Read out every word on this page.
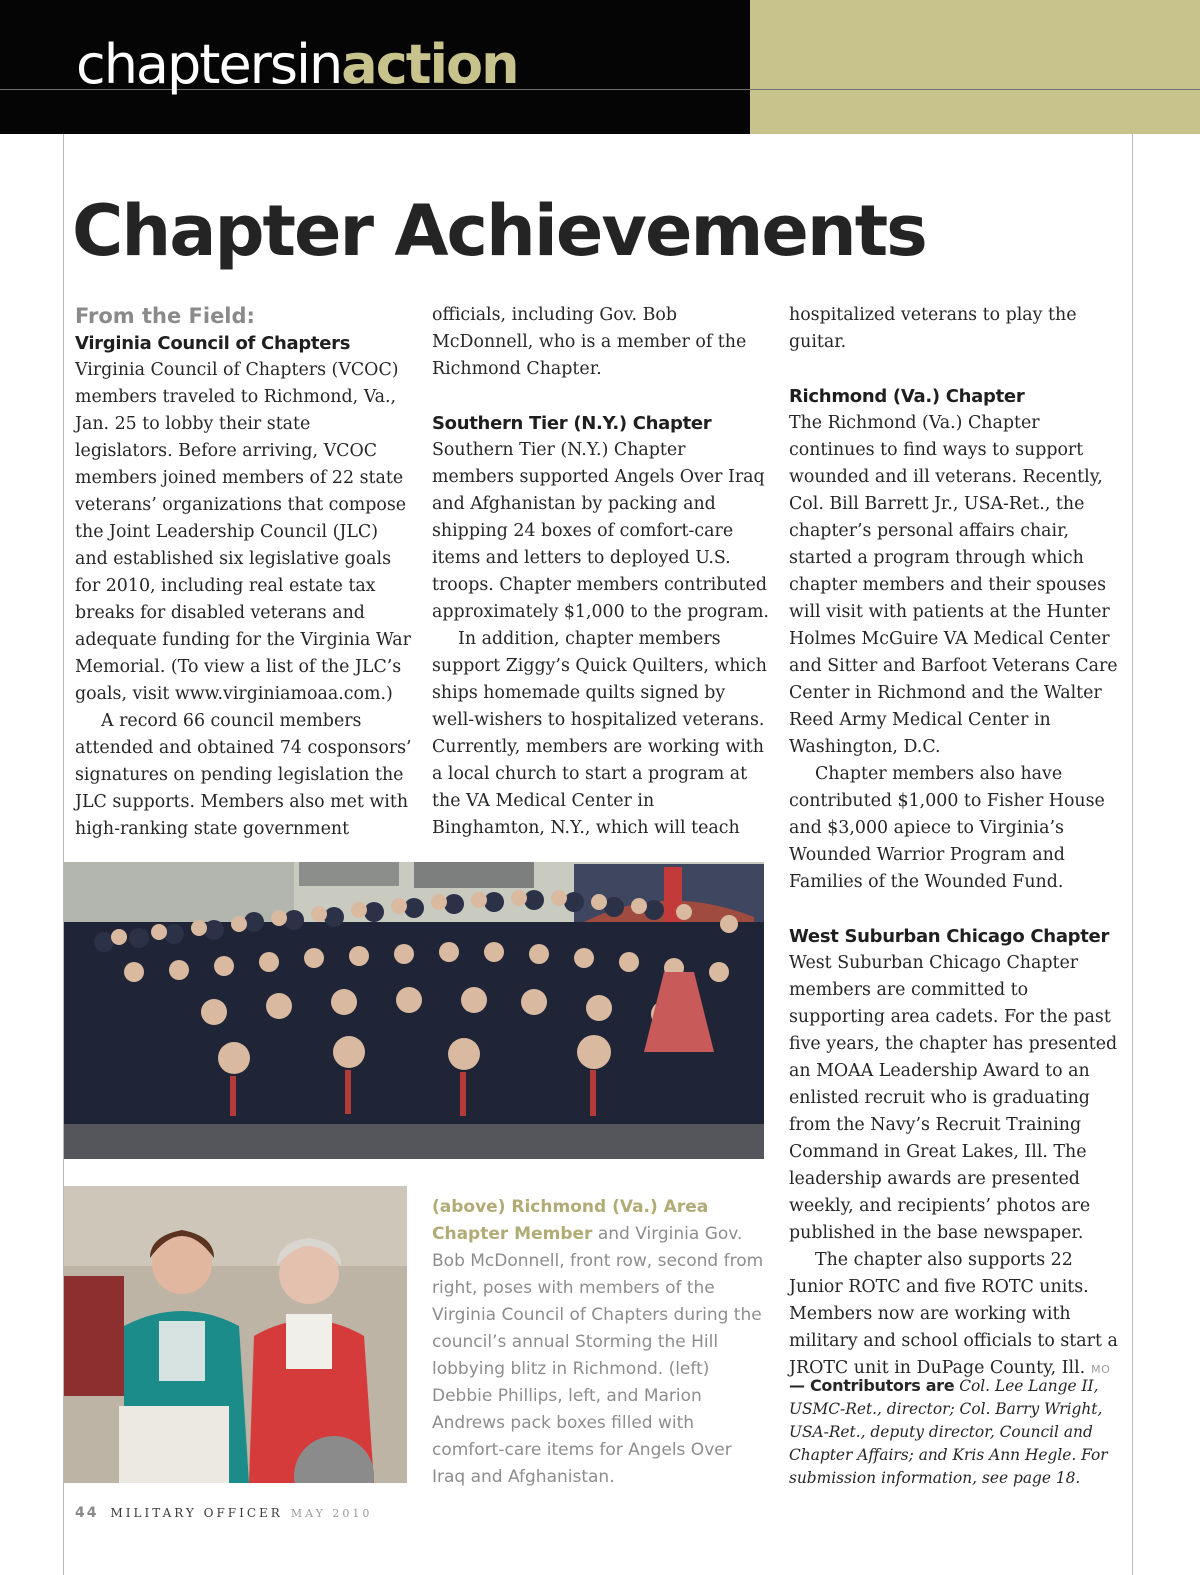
chaptersinaction
Chapter Achievements
From the Field:
Virginia Council of Chapters

Virginia Council of Chapters (VCOC) members traveled to Richmond, Va., Jan. 25 to lobby their state legislators. Before arriving, VCOC members joined members of 22 state veterans’ organizations that compose the Joint Leadership Council (JLC) and established six legislative goals for 2010, including real estate tax breaks for disabled veterans and adequate funding for the Virginia War Memorial. (To view a list of the JLC’s goals, visit www.virginiamoaa.com.)

A record 66 council members attended and obtained 74 cosponsors’ signatures on pending legislation the JLC supports. Members also met with high-ranking state government

officials, including Gov. Bob McDonnell, who is a member of the Richmond Chapter.

Southern Tier (N.Y.) Chapter

Southern Tier (N.Y.) Chapter members supported Angels Over Iraq and Afghanistan by packing and shipping 24 boxes of comfort-care items and letters to deployed U.S. troops. Chapter members contributed approximately $1,000 to the program.

In addition, chapter members support Ziggy’s Quick Quilters, which ships homemade quilts signed by well-wishers to hospitalized veterans. Currently, members are working with a local church to start a program at the VA Medical Center in Binghamton, N.Y., which will teach

hospitalized veterans to play the guitar.

Richmond (Va.) Chapter

The Richmond (Va.) Chapter continues to find ways to support wounded and ill veterans. Recently, Col. Bill Barrett Jr., USA-Ret., the chapter’s personal affairs chair, started a program through which chapter members and their spouses will visit with patients at the Hunter Holmes McGuire VA Medical Center and Sitter and Barfoot Veterans Care Center in Richmond and the Walter Reed Army Medical Center in Washington, D.C.

Chapter members also have contributed $1,000 to Fisher House and $3,000 apiece to Virginia’s Wounded Warrior Program and Families of the Wounded Fund.

West Suburban Chicago Chapter

West Suburban Chicago Chapter members are committed to supporting area cadets. For the past five years, the chapter has presented an MOAA Leadership Award to an enlisted recruit who is graduating from the Navy’s Recruit Training Command in Great Lakes, Ill. The leadership awards are presented weekly, and recipients’ photos are published in the base newspaper.

The chapter also supports 22 Junior ROTC and five ROTC units. Members now are working with military and school officials to start a JROTC unit in DuPage County, Ill. MO

(above) Richmond (Va.) Area Chapter Member and Virginia Gov. Bob McDonnell, front row, second from right, poses with members of the Virginia Council of Chapters during the council’s annual Storming the Hill lobbying blitz in Richmond. (left) Debbie Phillips, left, and Marion Andrews pack boxes filled with comfort-care items for Angels Over Iraq and Afghanistan.
— Contributors are Col. Lee Lange II, USMC-Ret., director; Col. Barry Wright, USA-Ret., deputy director, Council and Chapter Affairs; and Kris Ann Hegle. For submission information, see page 18.
44 MILITARY OFFICER MAY 2010
